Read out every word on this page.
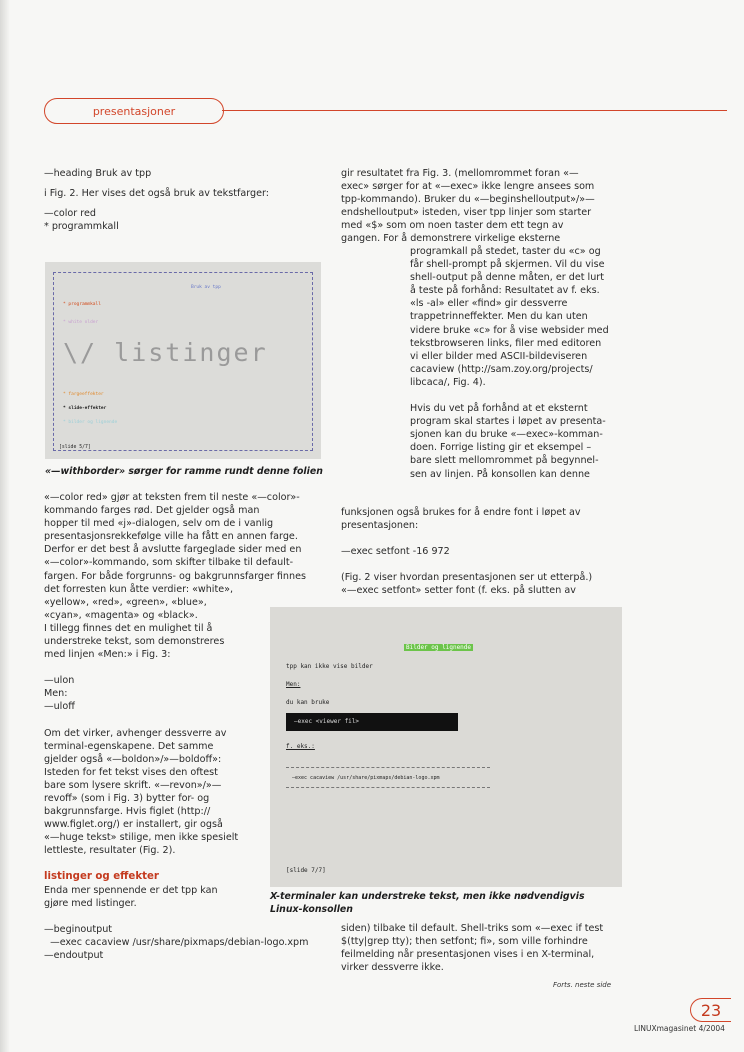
presentasjoner

—heading Bruk av tpp

i Fig. 2. Her vises det også bruk av tekstfarger:

—color red

* programmkall

Bruk av tpp
* programmkall
* white older
\/ listinger
* fargeeffekter
* slide-effekter
* bilder og lignende
[slide 5/7]
«—withborder» sørger for ramme rundt denne folien

«—color red» gjør at teksten frem til neste «—color»-

kommando farges rød. Det gjelder også man

hopper til med «j»-dialogen, selv om de i vanlig

presentasjonsrekkefølge ville ha fått en annen farge.

Derfor er det best å avslutte fargeglade sider med en

«—color»-kommando, som skifter tilbake til default-

fargen. For både forgrunns- og bakgrunnsfarger finnes

det forresten kun åtte verdier: «white»,

«yellow», «red», «green», «blue»,

«cyan», «magenta» og «black».

I tillegg finnes det en mulighet til å

understreke tekst, som demonstreres

med linjen «Men:» i Fig. 3:

—ulon

Men:

—uloff

Om det virker, avhenger dessverre av

terminal-egenskapene. Det samme

gjelder også «—boldon»/»—boldoff»:

Isteden for fet tekst vises den oftest

bare som lysere skrift. «—revon»/»—

revoff» (som i Fig. 3) bytter for- og

bakgrunnsfarge. Hvis figlet (http://

www.figlet.org/) er installert, gir også

«—huge tekst» stilige, men ikke spesielt

lettleste, resultater (Fig. 2).

listinger og effekter

Enda mer spennende er det tpp kan

gjøre med listinger.

—beginoutput

—exec cacaview /usr/share/pixmaps/debian-logo.xpm

—endoutput

gir resultatet fra Fig. 3. (mellomrommet foran «—

exec» sørger for at «—exec» ikke lengre ansees som

tpp-kommando). Bruker du «—beginshelloutput»/»—

endshelloutput» isteden, viser tpp linjer som starter

med «$» som om noen taster dem ett tegn av

gangen. For å demonstrere virkelige eksterne

programkall på stedet, taster du «c» og

får shell-prompt på skjermen. Vil du vise

shell-output på denne måten, er det lurt

å teste på forhånd: Resultatet av f. eks.

«ls -al» eller «find» gir dessverre

trappetrinneffekter. Men du kan uten

videre bruke «c» for å vise websider med

tekstbrowseren links, filer med editoren

vi eller bilder med ASCII-bildeviseren

cacaview (http://sam.zoy.org/projects/

libcaca/, Fig. 4).

Hvis du vet på forhånd at et eksternt

program skal startes i løpet av presenta-

sjonen kan du bruke «—exec»-komman-

doen. Forrige listing gir et eksempel –

bare slett mellomrommet på begynnel-

sen av linjen. På konsollen kan denne

funksjonen også brukes for å endre font i løpet av

presentasjonen:

—exec setfont -16 972

(Fig. 2 viser hvordan presentasjonen ser ut etterpå.)

«—exec setfont» setter font (f. eks. på slutten av

Bilder og lignende
tpp kan ikke vise bilder
Men:
du kan bruke
—exec <viewer fil>
f. eks.:
—exec cacaview /usr/share/pixmaps/debian-logo.xpm
[slide 7/7]
X-terminaler kan understreke tekst, men ikke nødvendigvis
Linux-konsollen

siden) tilbake til default. Shell-triks som «—exec if test

$(tty|grep tty); then setfont; fi», som ville forhindre

feilmelding når presentasjonen vises i en X-terminal,

virker dessverre ikke.

Forts. neste side
23
LINUXmagasinet 4/2004
